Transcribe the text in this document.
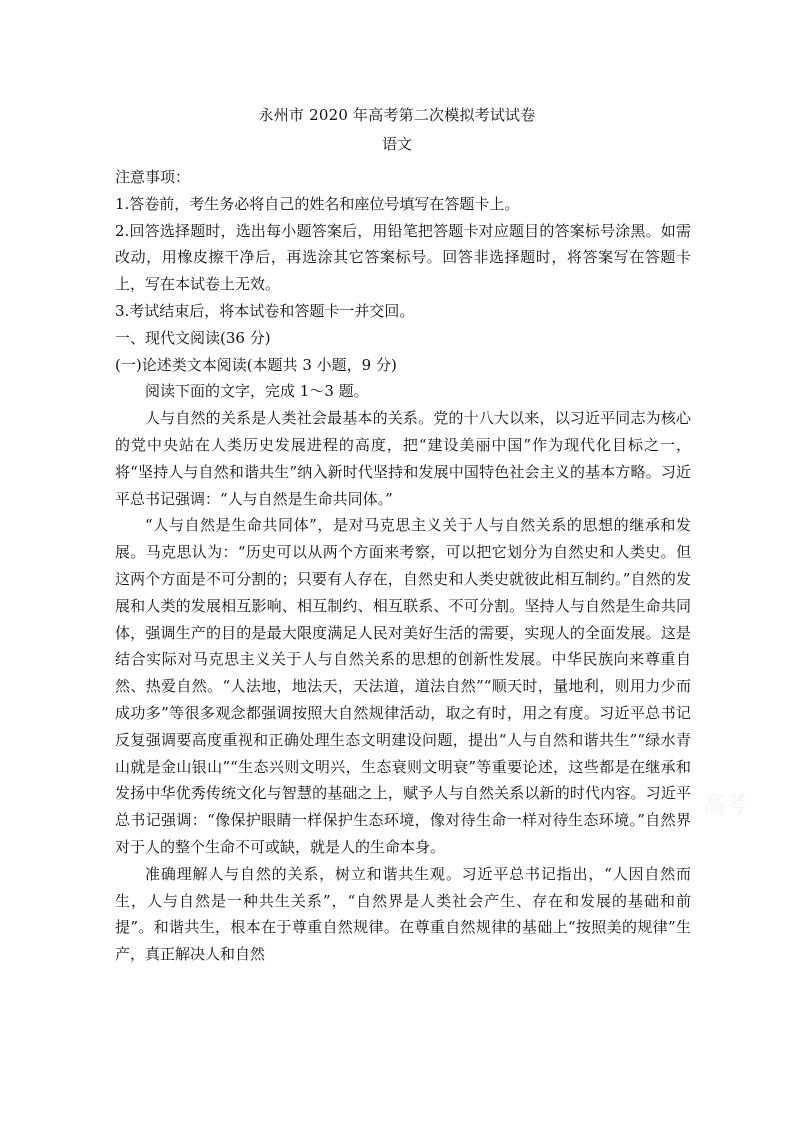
永州市 2020 年高考第二次模拟考试试卷
语文

注意事项：

1.答卷前，考生务必将自己的姓名和座位号填写在答题卡上。

2.回答选择题时，选出每小题答案后，用铅笔把答题卡对应题目的答案标号涂黑。如需改动，用橡皮擦干净后，再选涂其它答案标号。回答非选择题时，将答案写在答题卡上，写在本试卷上无效。

3.考试结束后，将本试卷和答题卡一并交回。

一、现代文阅读(36 分)

(一)论述类文本阅读(本题共 3 小题，9 分)

阅读下面的文字，完成 1～3 题。

人与自然的关系是人类社会最基本的关系。党的十八大以来，以习近平同志为核心的党中央站在人类历史发展进程的高度，把“建设美丽中国”作为现代化目标之一，将“坚持人与自然和谐共生”纳入新时代坚持和发展中国特色社会主义的基本方略。习近平总书记强调：“人与自然是生命共同体。”

“人与自然是生命共同体”，是对马克思主义关于人与自然关系的思想的继承和发展。马克思认为：“历史可以从两个方面来考察，可以把它划分为自然史和人类史。但这两个方面是不可分割的；只要有人存在，自然史和人类史就彼此相互制约。”自然的发展和人类的发展相互影响、相互制约、相互联系、不可分割。坚持人与自然是生命共同体，强调生产的目的是最大限度满足人民对美好生活的需要，实现人的全面发展。这是结合实际对马克思主义关于人与自然关系的思想的创新性发展。中华民族向来尊重自然、热爱自然。“人法地，地法天，天法道，道法自然”“顺天时，量地利，则用力少而成功多”等很多观念都强调按照大自然规律活动，取之有时，用之有度。习近平总书记反复强调要高度重视和正确处理生态文明建设问题，提出“人与自然和谐共生”“绿水青山就是金山银山”“生态兴则文明兴，生态衰则文明衰”等重要论述，这些都是在继承和发扬中华优秀传统文化与智慧的基础之上，赋予人与自然关系以新的时代内容。习近平总书记强调：“像保护眼睛一样保护生态环境，像对待生命一样对待生态环境。”自然界对于人的整个生命不可或缺，就是人的生命本身。

准确理解人与自然的关系，树立和谐共生观。习近平总书记指出，“人因自然而生，人与自然是一种共生关系”，“自然界是人类社会产生、存在和发展的基础和前提”。和谐共生，根本在于尊重自然规律。在尊重自然规律的基础上“按照美的规律”生产，真正解决人和自然

高考
